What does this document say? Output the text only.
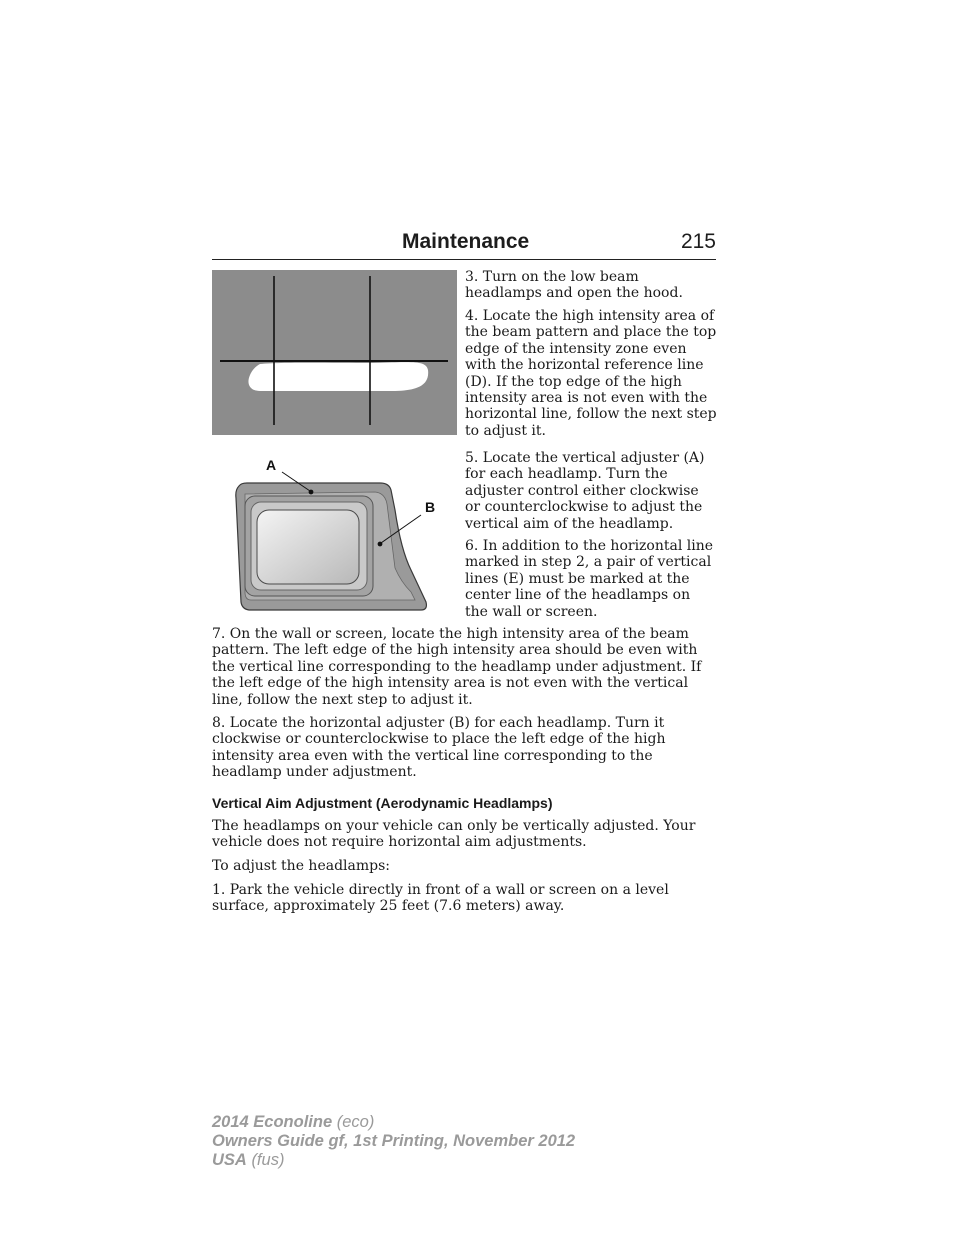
Maintenance	215
A
B

3. Turn on the low beam headlamps and open the hood.

4. Locate the high intensity area of the beam pattern and place the top edge of the intensity zone even with the horizontal reference line (D). If the top edge of the high intensity area is not even with the horizontal line, follow the next step to adjust it.

5. Locate the vertical adjuster (A) for each headlamp. Turn the adjuster control either clockwise or counterclockwise to adjust the vertical aim of the headlamp.

6. In addition to the horizontal line marked in step 2, a pair of vertical lines (E) must be marked at the center line of the headlamps on the wall or screen.

7. On the wall or screen, locate the high intensity area of the beam pattern. The left edge of the high intensity area should be even with the vertical line corresponding to the headlamp under adjustment. If the left edge of the high intensity area is not even with the vertical line, follow the next step to adjust it.

8. Locate the horizontal adjuster (B) for each headlamp. Turn it clockwise or counterclockwise to place the left edge of the high intensity area even with the vertical line corresponding to the headlamp under adjustment.

Vertical Aim Adjustment (Aerodynamic Headlamps)

The headlamps on your vehicle can only be vertically adjusted. Your vehicle does not require horizontal aim adjustments.

To adjust the headlamps:

1. Park the vehicle directly in front of a wall or screen on a level surface, approximately 25 feet (7.6 meters) away.

2014 Econoline (eco)
Owners Guide gf, 1st Printing, November 2012
USA (fus)
